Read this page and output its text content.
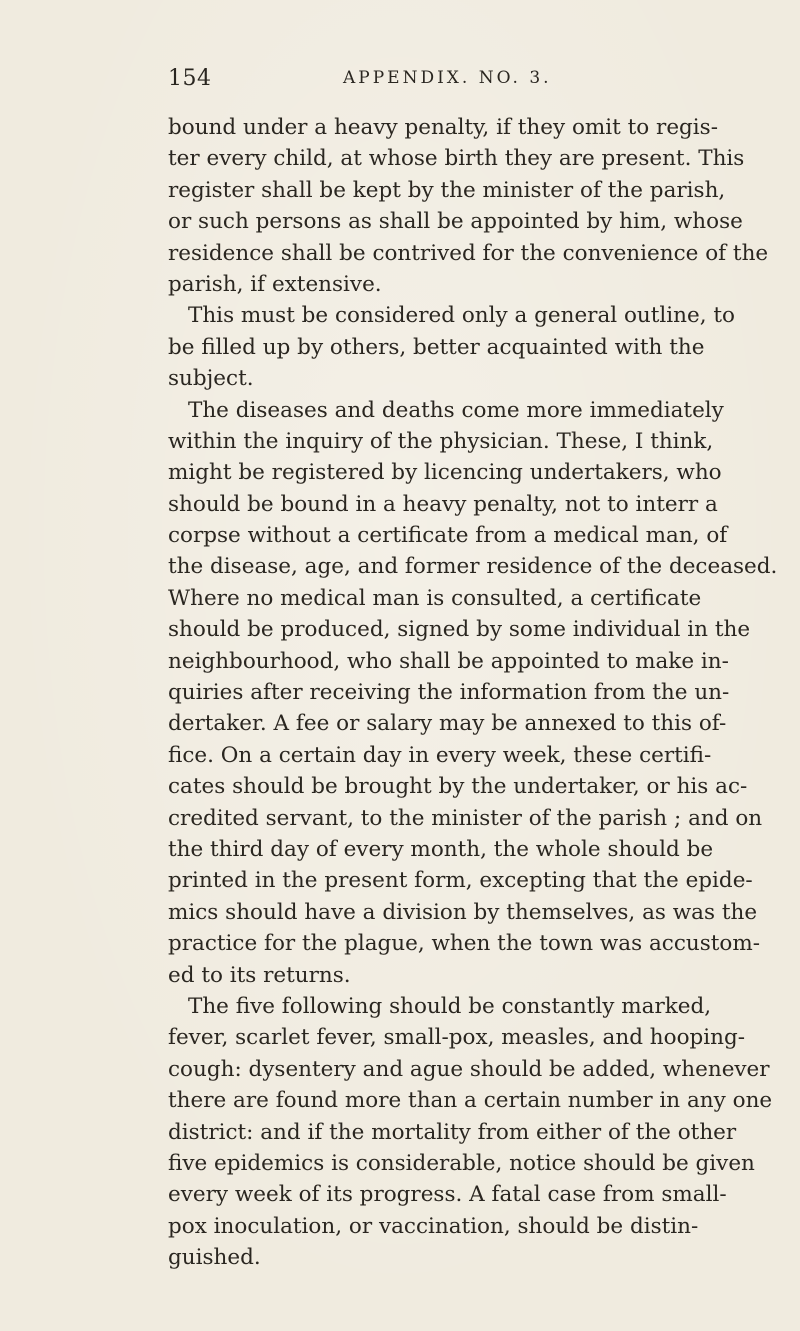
154	APPENDIX. NO. 3.
bound under a heavy penalty, if they omit to regis-
ter every child, at whose birth they are present. This
register shall be kept by the minister of the parish,
or such persons as shall be appointed by him, whose
residence shall be contrived for the convenience of the
parish, if extensive.
This must be considered only a general outline, to
be filled up by others, better acquainted with the
subject.
The diseases and deaths come more immediately
within the inquiry of the physician. These, I think,
might be registered by licencing undertakers, who
should be bound in a heavy penalty, not to interr a
corpse without a certificate from a medical man, of
the disease, age, and former residence of the deceased.
Where no medical man is consulted, a certificate
should be produced, signed by some individual in the
neighbourhood, who shall be appointed to make in-
quiries after receiving the information from the un-
dertaker. A fee or salary may be annexed to this of-
fice. On a certain day in every week, these certifi-
cates should be brought by the undertaker, or his ac-
credited servant, to the minister of the parish ; and on
the third day of every month, the whole should be
printed in the present form, excepting that the epide-
mics should have a division by themselves, as was the
practice for the plague, when the town was accustom-
ed to its returns.
The five following should be constantly marked,
fever, scarlet fever, small-pox, measles, and hooping-
cough: dysentery and ague should be added, whenever
there are found more than a certain number in any one
district: and if the mortality from either of the other
five epidemics is considerable, notice should be given
every week of its progress. A fatal case from small-
pox inoculation, or vaccination, should be distin-
guished.
